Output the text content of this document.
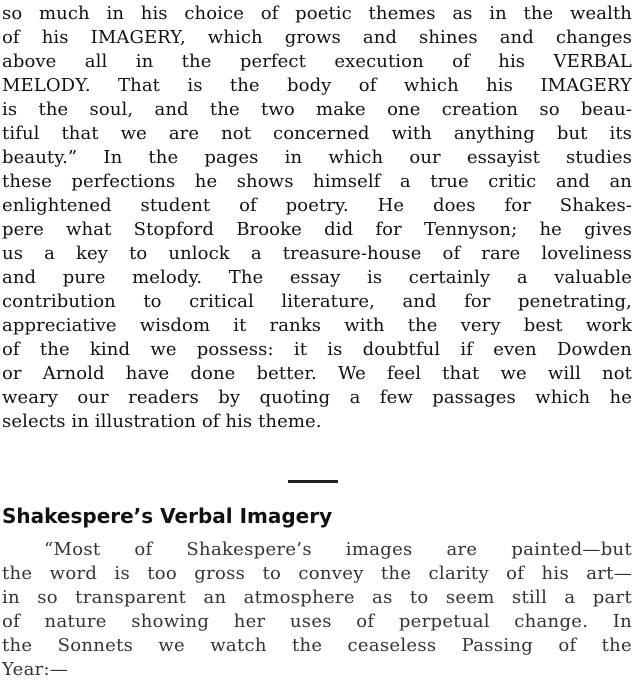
so much in his choice of poetic themes as in the wealth
of his IMAGERY, which grows and shines and changes
above all in the perfect execution of his VERBAL
MELODY. That is the body of which his IMAGERY
is the soul, and the two make one creation so beau-
tiful that we are not concerned with anything but its
beauty.” In the pages in which our essayist studies
these perfections he shows himself a true critic and an
enlightened student of poetry. He does for Shakes-
pere what Stopford Brooke did for Tennyson; he gives
us a key to unlock a treasure-house of rare loveliness
and pure melody. The essay is certainly a valuable
contribution to critical literature, and for penetrating,
appreciative wisdom it ranks with the very best work
of the kind we possess: it is doubtful if even Dowden
or Arnold have done better. We feel that we will not
weary our readers by quoting a few passages which he
selects in illustration of his theme.
Shakespere’s Verbal Imagery
“Most of Shakespere’s images are painted—but
the word is too gross to convey the clarity of his art—
in so transparent an atmosphere as to seem still a part
of nature showing her uses of perpetual change. In
the Sonnets we watch the ceaseless Passing of the
Year:—
